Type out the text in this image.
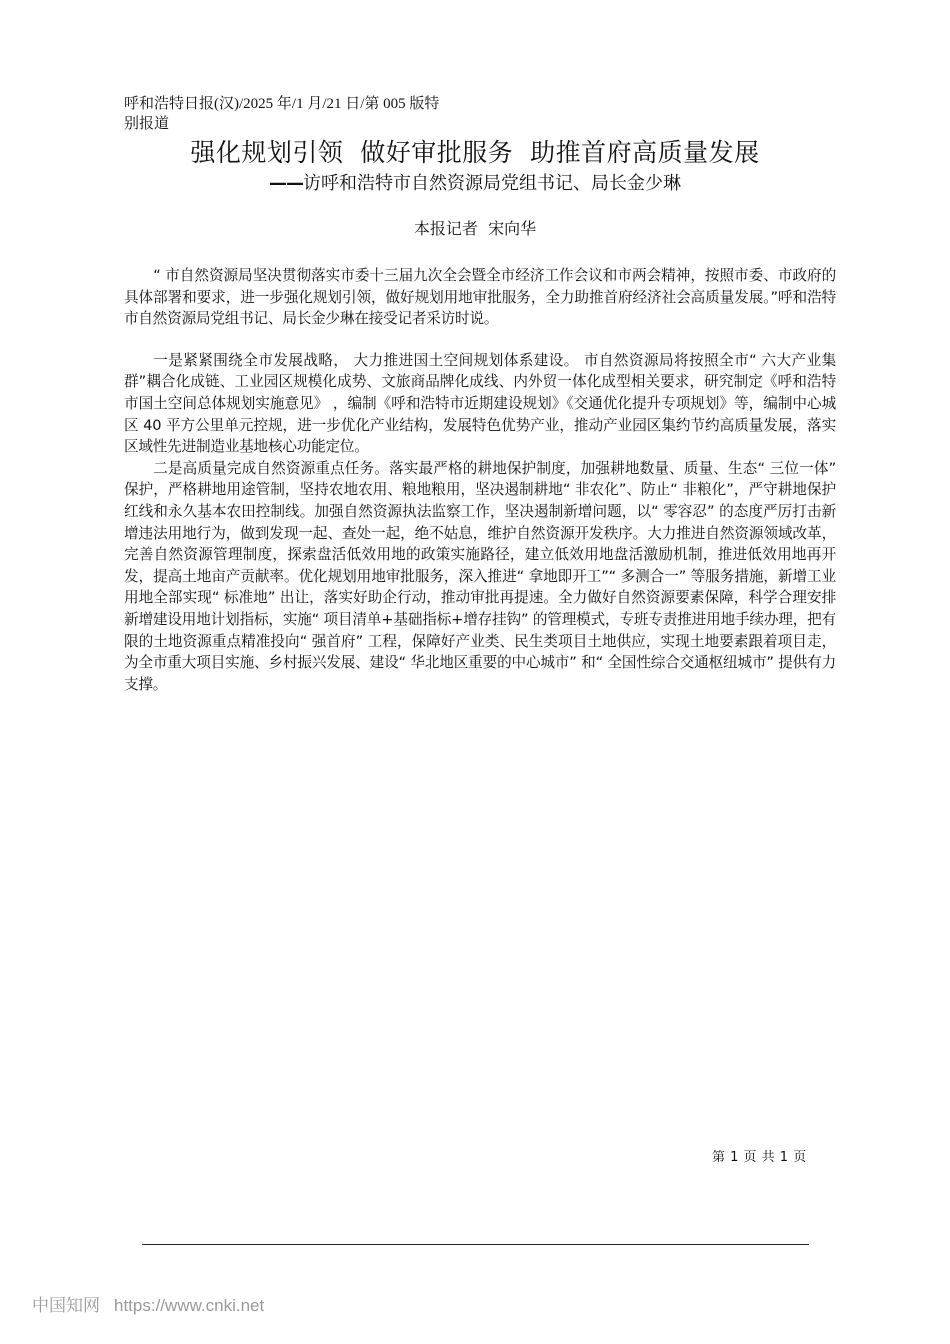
呼和浩特日报(汉)/2025 年/1 月/21 日/第 005 版特别报道
强化规划引领  做好审批服务  助推首府高质量发展
——访呼和浩特市自然资源局党组书记、局长金少琳
本报记者  宋向华

“ 市自然资源局坚决贯彻落实市委十三届九次全会暨全市经济工作会议和市两会精神，按照市委、市政府的具体部署和要求，进一步强化规划引领，做好规划用地审批服务，全力助推首府经济社会高质量发展。”呼和浩特市自然资源局党组书记、局长金少琳在接受记者采访时说。

一是紧紧围绕全市发展战略， 大力推进国土空间规划体系建设。 市自然资源局将按照全市“ 六大产业集群”耦合化成链、工业园区规模化成势、文旅商品牌化成线、内外贸一体化成型相关要求，研究制定《呼和浩特市国土空间总体规划实施意见》 ，编制《呼和浩特市近期建设规划》《交通优化提升专项规划》等，编制中心城区 40 平方公里单元控规，进一步优化产业结构，发展特色优势产业，推动产业园区集约节约高质量发展，落实区域性先进制造业基地核心功能定位。

二是高质量完成自然资源重点任务。落实最严格的耕地保护制度，加强耕地数量、质量、生态“ 三位一体” 保护，严格耕地用途管制，坚持农地农用、粮地粮用，坚决遏制耕地“ 非农化”、防止“ 非粮化”，严守耕地保护红线和永久基本农田控制线。加强自然资源执法监察工作，坚决遏制新增问题，以“ 零容忍” 的态度严厉打击新增违法用地行为，做到发现一起、查处一起，绝不姑息，维护自然资源开发秩序。大力推进自然资源领域改革，完善自然资源管理制度，探索盘活低效用地的政策实施路径，建立低效用地盘活激励机制，推进低效用地再开发，提高土地亩产贡献率。优化规划用地审批服务，深入推进“ 拿地即开工”“ 多测合一” 等服务措施，新增工业用地全部实现“ 标准地” 出让，落实好助企行动，推动审批再提速。全力做好自然资源要素保障，科学合理安排新增建设用地计划指标，实施“ 项目清单+基础指标+增存挂钩” 的管理模式，专班专责推进用地手续办理，把有限的土地资源重点精准投向“ 强首府” 工程，保障好产业类、民生类项目土地供应，实现土地要素跟着项目走，为全市重大项目实施、乡村振兴发展、建设“ 华北地区重要的中心城市” 和“ 全国性综合交通枢纽城市” 提供有力支撑。

第 1 页 共 1 页
中国知网 https://www.cnki.net
